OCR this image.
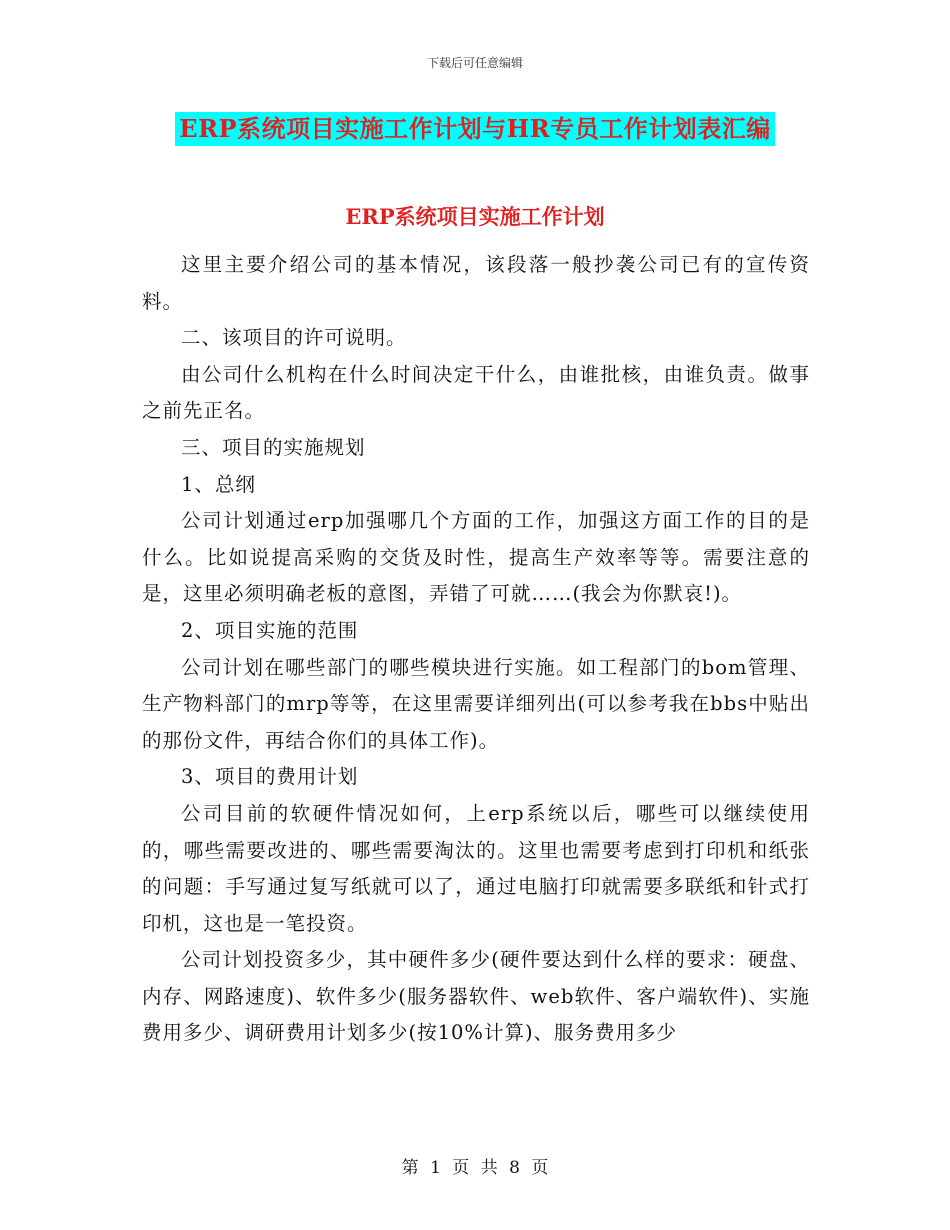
下载后可任意编辑
ERP系统项目实施工作计划与HR专员工作计划表汇编
ERP系统项目实施工作计划

这里主要介绍公司的基本情况，该段落一般抄袭公司已有的宣传资料。

二、该项目的许可说明。

由公司什么机构在什么时间决定干什么，由谁批核，由谁负责。做事之前先正名。

三、项目的实施规划

1、总纲

公司计划通过erp加强哪几个方面的工作，加强这方面工作的目的是什么。比如说提高采购的交货及时性，提高生产效率等等。需要注意的是，这里必须明确老板的意图，弄错了可就……(我会为你默哀!)。

2、项目实施的范围

公司计划在哪些部门的哪些模块进行实施。如工程部门的bom管理、生产物料部门的mrp等等，在这里需要详细列出(可以参考我在bbs中贴出的那份文件，再结合你们的具体工作)。

3、项目的费用计划

公司目前的软硬件情况如何，上erp系统以后，哪些可以继续使用的，哪些需要改进的、哪些需要淘汰的。这里也需要考虑到打印机和纸张的问题：手写通过复写纸就可以了，通过电脑打印就需要多联纸和针式打印机，这也是一笔投资。

公司计划投资多少，其中硬件多少(硬件要达到什么样的要求：硬盘、内存、网路速度)、软件多少(服务器软件、web软件、客户端软件)、实施费用多少、调研费用计划多少(按10%计算)、服务费用多少

第 1 页 共 8 页
